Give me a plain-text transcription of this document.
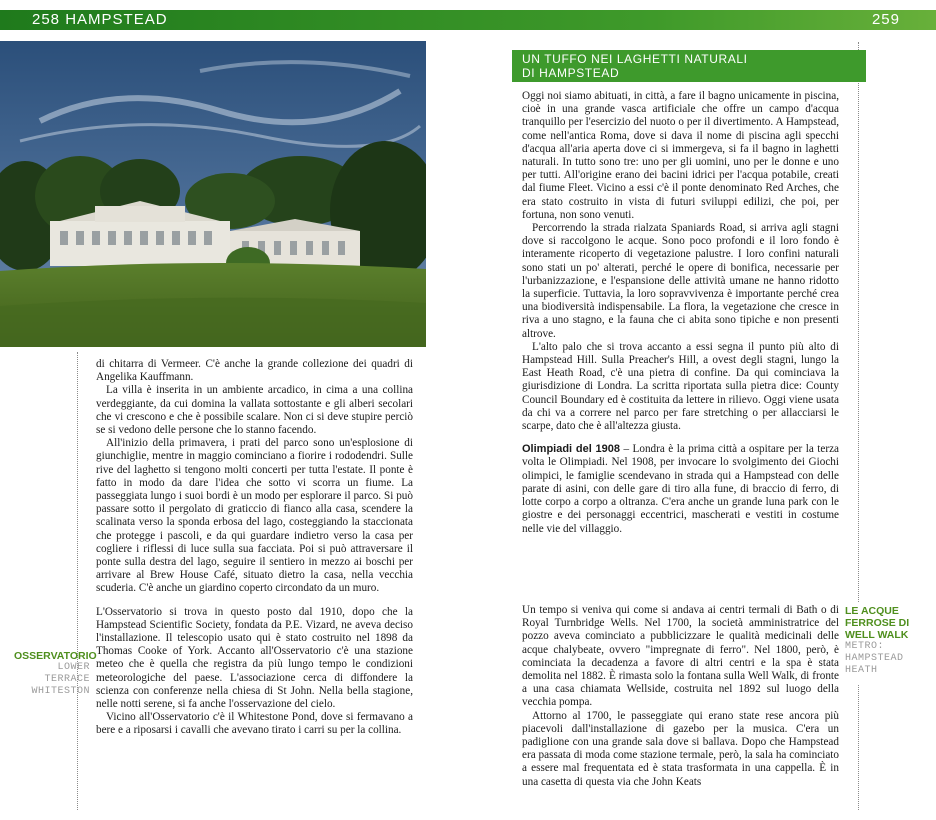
258 HAMPSTEAD	259

di chitarra di Vermeer. C'è anche la grande collezione dei quadri di Angelika Kauffmann.

La villa è inserita in un ambiente arcadico, in cima a una collina verdeggiante, da cui domina la vallata sottostante e gli alberi secolari che vi crescono e che è possibile scalare. Non ci si deve stupire perciò se si vedono delle persone che lo stanno facendo.

All'inizio della primavera, i prati del parco sono un'esplosione di giunchiglie, mentre in maggio cominciano a fiorire i rododendri. Sulle rive del laghetto si tengono molti concerti per tutta l'estate. Il ponte è fatto in modo da dare l'idea che sotto vi scorra un fiume. La passeggiata lungo i suoi bordi è un modo per esplorare il parco. Si può passare sotto il pergolato di graticcio di fianco alla casa, scendere la scalinata verso la sponda erbosa del lago, costeggiando la staccionata che protegge i pascoli, e da qui guardare indietro verso la casa per cogliere i riflessi di luce sulla sua facciata. Poi si può attraversare il ponte sulla destra del lago, seguire il sentiero in mezzo ai boschi per arrivare al Brew House Café, situato dietro la casa, nella vecchia scuderia. C'è anche un giardino coperto circondato da un muro.

L'Osservatorio si trova in questo posto dal 1910, dopo che la Hampstead Scientific Society, fondata da P.E. Vizard, ne aveva deciso l'installazione. Il telescopio usato qui è stato costruito nel 1898 da Thomas Cooke of York. Accanto all'Osservatorio c'è una stazione meteo che è quella che registra da più lungo tempo le condizioni meteorologiche del paese. L'associazione cerca di diffondere la scienza con conferenze nella chiesa di St John. Nella bella stagione, nelle notti serene, si fa anche l'osservazione del cielo.

Vicino all'Osservatorio c'è il Whitestone Pond, dove si fermavano a bere e a riposarsi i cavalli che avevano tirato i carri su per la collina.

OSSERVATORIO
LOWER
TERRACE
WHITESTON
UN TUFFO NEI LAGHETTI NATURALI
DI HAMPSTEAD

Oggi noi siamo abituati, in città, a fare il bagno unicamente in piscina, cioè in una grande vasca artificiale che offre un campo d'acqua tranquillo per l'esercizio del nuoto o per il divertimento. A Hampstead, come nell'antica Roma, dove si dava il nome di piscina agli specchi d'acqua all'aria aperta dove ci si immergeva, si fa il bagno in laghetti naturali. In tutto sono tre: uno per gli uomini, uno per le donne e uno per tutti. All'origine erano dei bacini idrici per l'acqua potabile, creati dal fiume Fleet. Vicino a essi c'è il ponte denominato Red Arches, che era stato costruito in vista di futuri sviluppi edilizi, che poi, per fortuna, non sono venuti.

Percorrendo la strada rialzata Spaniards Road, si arriva agli stagni dove si raccolgono le acque. Sono poco profondi e il loro fondo è interamente ricoperto di vegetazione palustre. I loro confini naturali sono stati un po' alterati, perché le opere di bonifica, necessarie per l'urbanizzazione, e l'espansione delle attività umane ne hanno ridotto la superficie. Tuttavia, la loro sopravvivenza è importante perché crea una biodiversità indispensabile. La flora, la vegetazione che cresce in riva a uno stagno, e la fauna che ci abita sono tipiche e non presenti altrove.

L'alto palo che si trova accanto a essi segna il punto più alto di Hampstead Hill. Sulla Preacher's Hill, a ovest degli stagni, lungo la East Heath Road, c'è una pietra di confine. Da qui cominciava la giurisdizione di Londra. La scritta riportata sulla pietra dice: County Council Boundary ed è costituita da lettere in rilievo. Oggi viene usata da chi va a correre nel parco per fare stretching o per allacciarsi le scarpe, dato che è all'altezza giusta.

Olimpiadi del 1908 – Londra è la prima città a ospitare per la terza volta le Olimpiadi. Nel 1908, per invocare lo svolgimento dei Giochi olimpici, le famiglie scendevano in strada qui a Hampstead con delle parate di asini, con delle gare di tiro alla fune, di braccio di ferro, di lotte corpo a corpo a oltranza. C'era anche un grande luna park con le giostre e dei personaggi eccentrici, mascherati e vestiti in costume nelle vie del villaggio.

Un tempo si veniva qui come si andava ai centri termali di Bath o di Royal Turnbridge Wells. Nel 1700, la società amministratrice del pozzo aveva cominciato a pubblicizzare le qualità medicinali delle acque chalybeate, ovvero "impregnate di ferro". Nel 1800, però, è cominciata la decadenza a favore di altri centri e la spa è stata demolita nel 1882. È rimasta solo la fontana sulla Well Walk, di fronte a una casa chiamata Wellside, costruita nel 1892 sul luogo della vecchia pompa.

Attorno al 1700, le passeggiate qui erano state rese ancora più piacevoli dall'installazione di gazebo per la musica. C'era un padiglione con una grande sala dove si ballava. Dopo che Hampstead era passata di moda come stazione termale, però, la sala ha cominciato a essere mal frequentata ed è stata trasformata in una cappella. È in una casetta di questa via che John Keats

LE ACQUE
FERROSE DI
WELL WALK
METRO:
HAMPSTEAD
HEATH
